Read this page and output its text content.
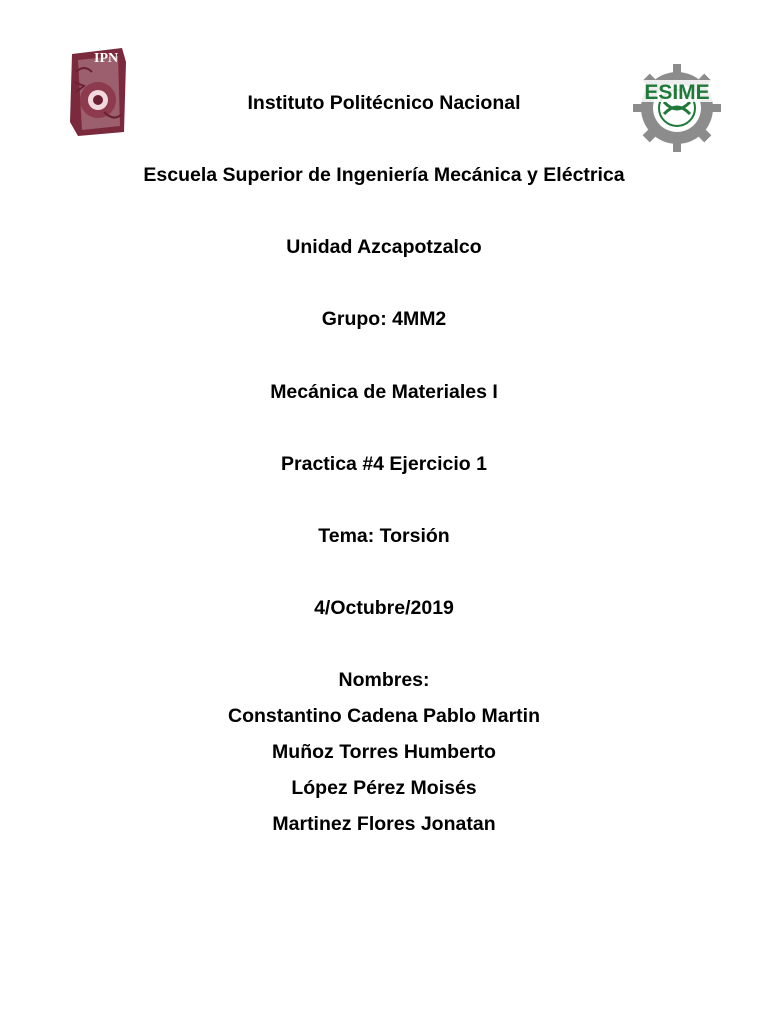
IPN
ESIME
Instituto Politécnico Nacional
Escuela Superior de Ingeniería Mecánica y Eléctrica
Unidad Azcapotzalco
Grupo: 4MM2
Mecánica de Materiales I
Practica #4 Ejercicio 1
Tema: Torsión
4/Octubre/2019
Nombres:
Constantino Cadena Pablo Martin
Muñoz Torres Humberto
López Pérez Moisés
Martinez Flores Jonatan
